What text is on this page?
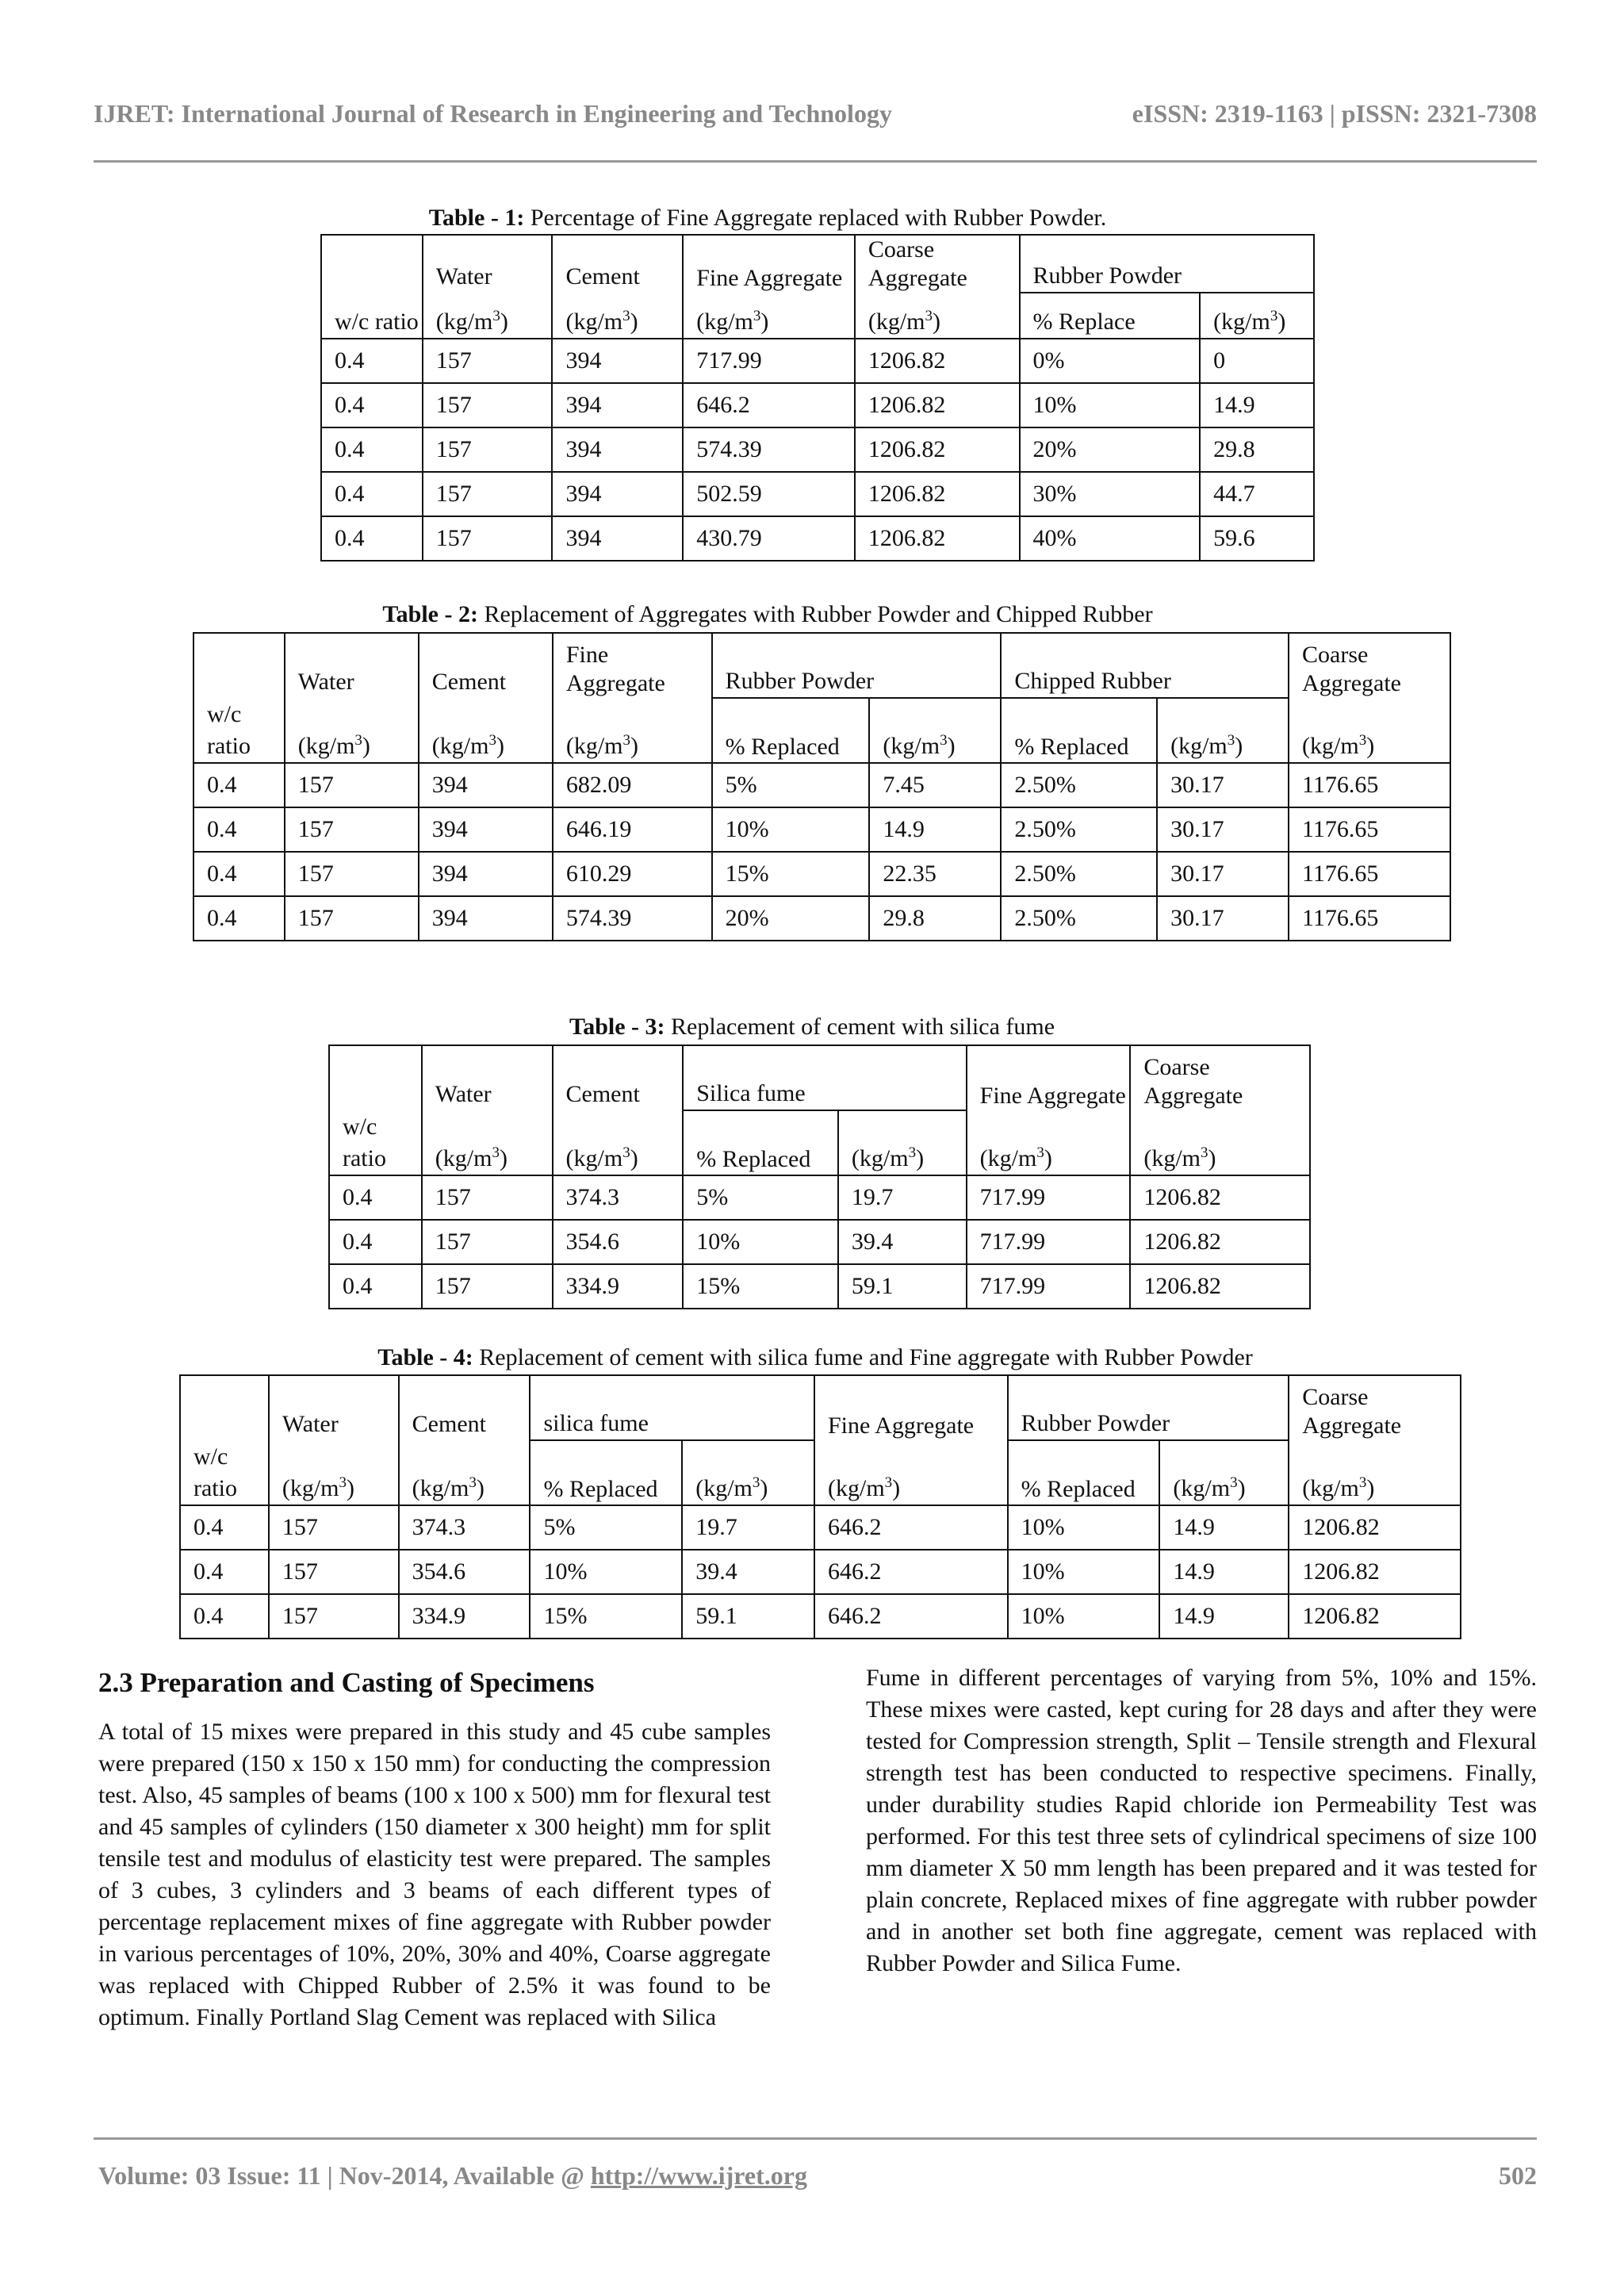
IJRET: International Journal of Research in Engineering and Technology	eISSN: 2319-1163 | pISSN: 2321-7308
Table - 1: Percentage of Fine Aggregate replaced with Rubber Powder.
w/c ratio	Water	Cement	Fine Aggregate	Coarse Aggregate	Rubber Powder	
	$(kg/m^3)$	$(kg/m^3)$	$(kg/m^3)$	$(kg/m^3)$	% Replace	$(kg/m^3)$
0.4	157	394	717.99	1206.82	0%	0
0.4	157	394	646.2	1206.82	10%	14.9
0.4	157	394	574.39	1206.82	20%	29.8
0.4	157	394	502.59	1206.82	30%	44.7
0.4	157	394	430.79	1206.82	40%	59.6
Table - 2: Replacement of Aggregates with Rubber Powder and Chipped Rubber
w/c ratio	Water	Cement	Fine Aggregate	Rubber Powder		Chipped Rubber		Coarse Aggregate
	$(kg/m^3)$	$(kg/m^3)$	$(kg/m^3)$	% Replaced	$(kg/m^3)$	% Replaced	$(kg/m^3)$	$(kg/m^3)$
0.4	157	394	682.09	5%	7.45	2.50%	30.17	1176.65
0.4	157	394	646.19	10%	14.9	2.50%	30.17	1176.65
0.4	157	394	610.29	15%	22.35	2.50%	30.17	1176.65
0.4	157	394	574.39	20%	29.8	2.50%	30.17	1176.65
Table - 3: Replacement of cement with silica fume
w/c ratio	Water	Cement	Silica fume		Fine Aggregate	Coarse Aggregate
	$(kg/m^3)$	$(kg/m^3)$	% Replaced	$(kg/m^3)$	$(kg/m^3)$	$(kg/m^3)$
0.4	157	374.3	5%	19.7	717.99	1206.82
0.4	157	354.6	10%	39.4	717.99	1206.82
0.4	157	334.9	15%	59.1	717.99	1206.82
Table - 4: Replacement of cement with silica fume and Fine aggregate with Rubber Powder
w/c ratio	Water	Cement	silica fume		Fine Aggregate	Rubber Powder		Coarse Aggregate
	$(kg/m^3)$	$(kg/m^3)$	% Replaced	$(kg/m^3)$	$(kg/m^3)$	% Replaced	$(kg/m^3)$	$(kg/m^3)$
0.4	157	374.3	5%	19.7	646.2	10%	14.9	1206.82
0.4	157	354.6	10%	39.4	646.2	10%	14.9	1206.82
0.4	157	334.9	15%	59.1	646.2	10%	14.9	1206.82
2.3 Preparation and Casting of Specimens

A total of 15 mixes were prepared in this study and 45 cube samples were prepared (150 x 150 x 150 mm) for conducting the compression test. Also, 45 samples of beams (100 x 100 x 500) mm for flexural test and 45 samples of cylinders (150 diameter x 300 height) mm for split tensile test and modulus of elasticity test were prepared. The samples of 3 cubes, 3 cylinders and 3 beams of each different types of percentage replacement mixes of fine aggregate with Rubber powder in various percentages of 10%, 20%, 30% and 40%, Coarse aggregate was replaced with Chipped Rubber of 2.5% it was found to be optimum. Finally Portland Slag Cement was replaced with Silica

Fume in different percentages of varying from 5%, 10% and 15%. These mixes were casted, kept curing for 28 days and after they were tested for Compression strength, Split – Tensile strength and Flexural strength test has been conducted to respective specimens. Finally, under durability studies Rapid chloride ion Permeability Test was performed. For this test three sets of cylindrical specimens of size 100 mm diameter X 50 mm length has been prepared and it was tested for plain concrete, Replaced mixes of fine aggregate with rubber powder and in another set both fine aggregate, cement was replaced with Rubber Powder and Silica Fume.

Volume: 03 Issue: 11 | Nov-2014, Available @ http://www.ijret.org	502
